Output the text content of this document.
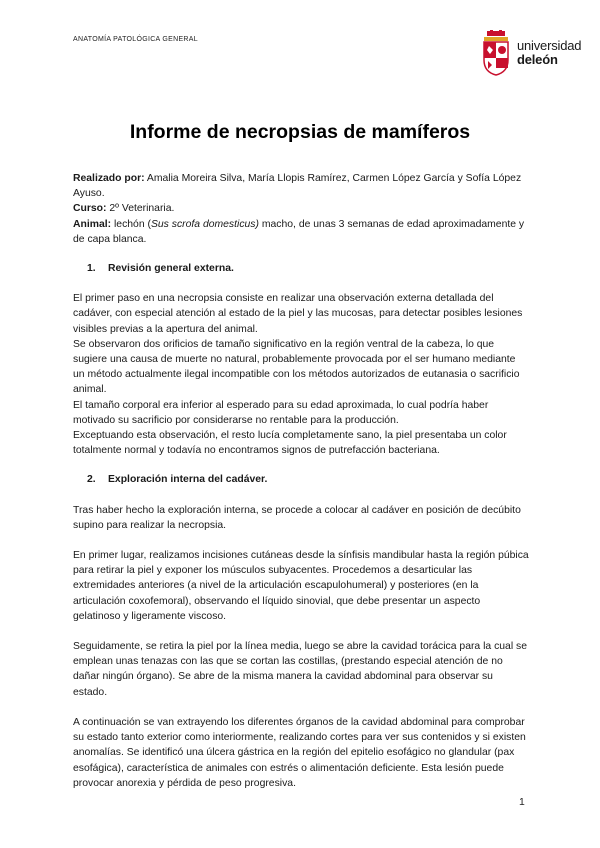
ANATOMÍA PATOLÓGICA GENERAL	universidad
deleón
Informe de necropsias de mamíferos

Realizado por: Amalia Moreira Silva, María Llopis Ramírez, Carmen López García y Sofía López Ayuso.

Curso: 2º Veterinaria.

Animal: lechón (Sus scrofa domesticus) macho, de unas 3 semanas de edad aproximadamente y de capa blanca.

1. Revisión general externa.

El primer paso en una necropsia consiste en realizar una observación externa detallada del cadáver, con especial atención al estado de la piel y las mucosas, para detectar posibles lesiones visibles previas a la apertura del animal.

Se observaron dos orificios de tamaño significativo en la región ventral de la cabeza, lo que sugiere una causa de muerte no natural, probablemente provocada por el ser humano mediante un método actualmente ilegal incompatible con los métodos autorizados de eutanasia o sacrificio animal.

El tamaño corporal era inferior al esperado para su edad aproximada, lo cual podría haber motivado su sacrificio por considerarse no rentable para la producción.

Exceptuando esta observación, el resto lucía completamente sano, la piel presentaba un color totalmente normal y todavía no encontramos signos de putrefacción bacteriana.

2. Exploración interna del cadáver.

Tras haber hecho la exploración interna, se procede a colocar al cadáver en posición de decúbito supino para realizar la necropsia.

En primer lugar, realizamos incisiones cutáneas desde la sínfisis mandibular hasta la región púbica para retirar la piel y exponer los músculos subyacentes. Procedemos a desarticular las extremidades anteriores (a nivel de la articulación escapulohumeral) y posteriores (en la articulación coxofemoral), observando el líquido sinovial, que debe presentar un aspecto gelatinoso y ligeramente viscoso.

Seguidamente, se retira la piel por la línea media, luego se abre la cavidad torácica para la cual se emplean unas tenazas con las que se cortan las costillas, (prestando especial atención de no dañar ningún órgano). Se abre de la misma manera la cavidad abdominal para observar su estado.

A continuación se van extrayendo los diferentes órganos de la cavidad abdominal para comprobar su estado tanto exterior como interiormente, realizando cortes para ver sus contenidos y si existen anomalías. Se identificó una úlcera gástrica en la región del epitelio esofágico no glandular (pax esofágica), característica de animales con estrés o alimentación deficiente. Esta lesión puede provocar anorexia y pérdida de peso progresiva.

1
